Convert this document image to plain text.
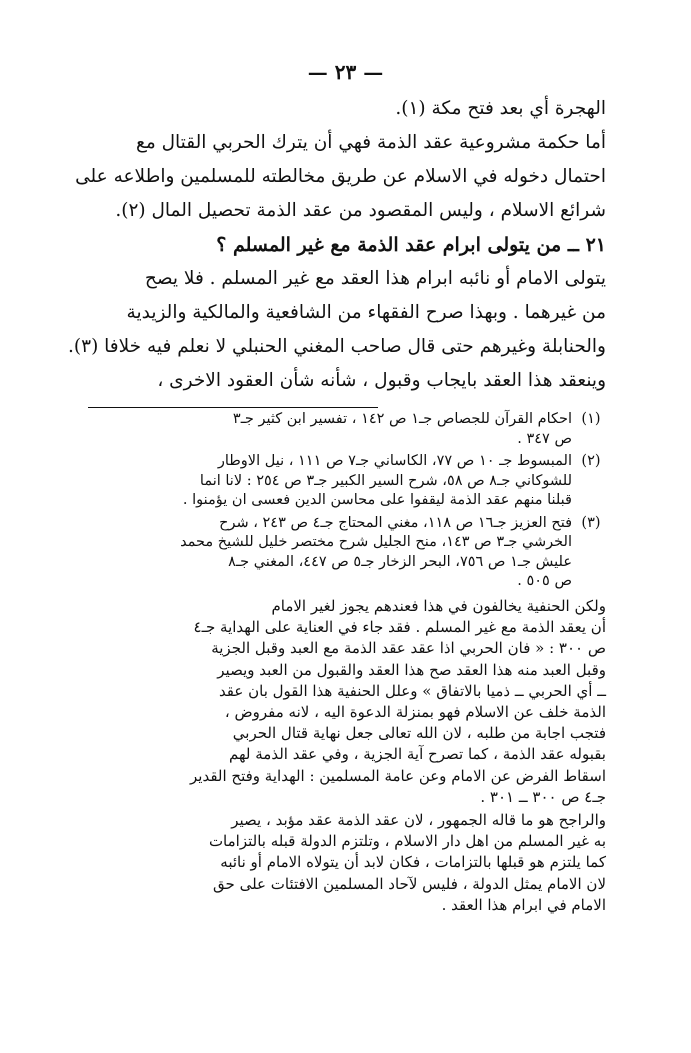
— ٢٣ —

الهجرة أي بعد فتح مكة (١).

أما حكمة مشروعية عقد الذمة فهي أن يترك الحربي القتال مع

احتمال دخوله في الاسلام عن طريق مخالطته للمسلمين واطلاعه على

شرائع الاسلام ، وليس المقصود من عقد الذمة تحصيل المال (٢).

٢١ ــ من يتولى ابرام عقد الذمة مع غير المسلم ؟

يتولى الامام أو نائبه ابرام هذا العقد مع غير المسلم . فلا يصح

من غيرهما . وبهذا صرح الفقهاء من الشافعية والمالكية والزيدية

والحنابلة وغيرهم حتى قال صاحب المغني الحنبلي لا نعلم فيه خلافا (٣).

وينعقد هذا العقد بايجاب وقبول ، شأنه شأن العقود الاخرى ،

(١)
احكام القرآن للجصاص جـ١ ص ١٤٢ ، تفسير ابن كثير جـ٣
ص ٣٤٧ .
(٢)
المبسوط جـ ١٠ ص ٧٧، الكاساني جـ٧ ص ١١١ ، نيل الاوطار
للشوكاني جـ٨ ص ٥٨، شرح السير الكبير جـ٣ ص ٢٥٤ : لانا انما
قبلنا منهم عقد الذمة ليقفوا على محاسن الدين فعسى ان يؤمنوا .
(٣)
فتح العزيز جـ١٦ ص ١١٨، مغني المحتاج جـ٤ ص ٢٤٣ ، شرح
الخرشي جـ٣ ص ١٤٣، منح الجليل شرح مختصر خليل للشيخ محمد
عليش جـ١ ص ٧٥٦، البحر الزخار جـ٥ ص ٤٤٧، المغني جـ٨
ص ٥٠٥ .
ولكن الحنفية يخالفون في هذا فعندهم يجوز لغير الامام
أن يعقد الذمة مع غير المسلم . فقد جاء في العناية على الهداية جـ٤
ص ٣٠٠ : « فان الحربي اذا عقد عقد الذمة مع العبد وقبل الجزية
وقبل العبد منه هذا العقد صح هذا العقد والقبول من العبد ويصير
ــ أي الحربي ــ ذميا بالاتفاق » وعلل الحنفية هذا القول بان عقد
الذمة خلف عن الاسلام فهو بمنزلة الدعوة اليه ، لانه مفروض ،
فتجب اجابة من طلبه ، لان الله تعالى جعل نهاية قتال الحربي
بقبوله عقد الذمة ، كما تصرح آية الجزية ، وفي عقد الذمة لهم
اسقاط الفرض عن الامام وعن عامة المسلمين : الهداية وفتح القدير
جـ٤ ص ٣٠٠ ــ ٣٠١ .
والراجح هو ما قاله الجمهور ، لان عقد الذمة عقد مؤبد ، يصير
به غير المسلم من اهل دار الاسلام ، وتلتزم الدولة قبله بالتزامات
كما يلتزم هو قبلها بالتزامات ، فكان لابد أن يتولاه الامام أو نائبه
لان الامام يمثل الدولة ، فليس لآحاد المسلمين الافتئات على حق
الامام في ابرام هذا العقد .
